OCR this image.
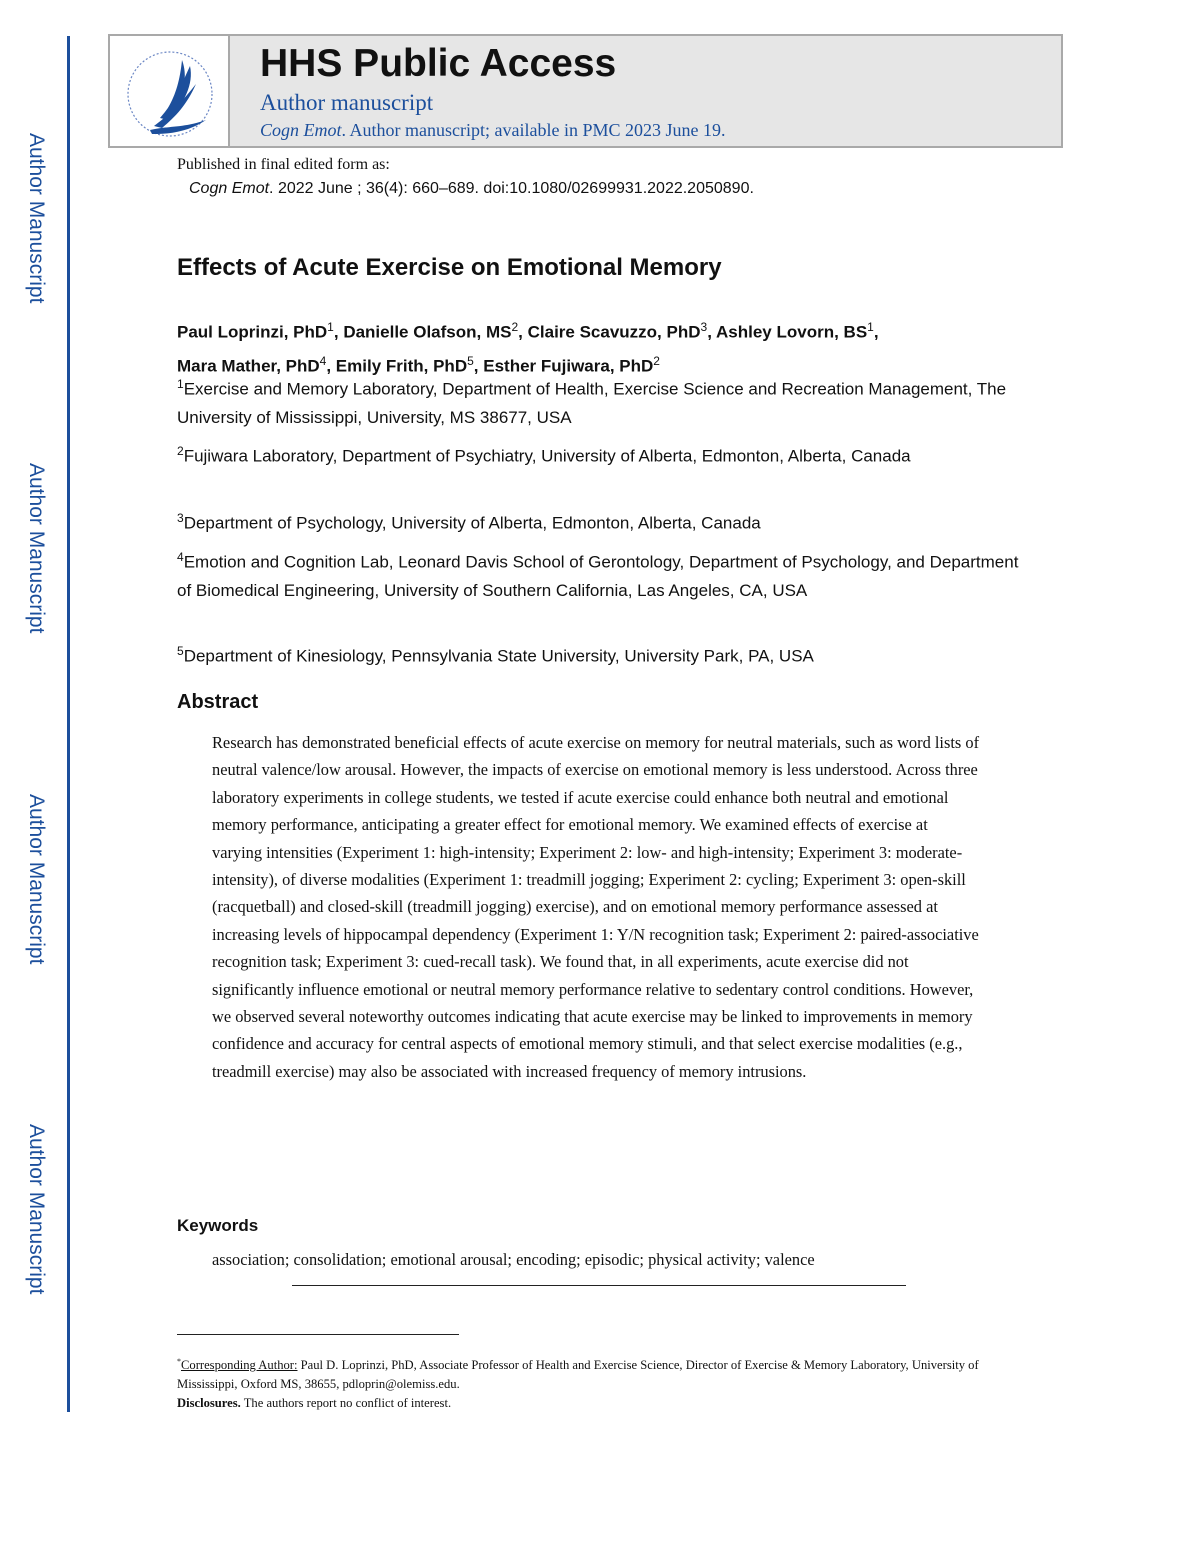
Author Manuscript
Author Manuscript
Author Manuscript
Author Manuscript
HHS Public Access
Author manuscript
Cogn Emot. Author manuscript; available in PMC 2023 June 19.
Published in final edited form as:
Cogn Emot. 2022 June ; 36(4): 660–689. doi:10.1080/02699931.2022.2050890.
Effects of Acute Exercise on Emotional Memory
Paul Loprinzi, PhD$^1$, Danielle Olafson, $MS^2$, Claire Scavuzzo, PhD$^3$, Ashley Lovorn, $BS^1$,
Mara Mather, PhD$^4$, Emily Frith, PhD$^5$, Esther Fujiwara, PhD$^2$
$^1$Exercise and Memory Laboratory, Department of Health, Exercise Science and Recreation Management, The University of Mississippi, University, MS 38677, USA
$^2$Fujiwara Laboratory, Department of Psychiatry, University of Alberta, Edmonton, Alberta, Canada
$^3$Department of Psychology, University of Alberta, Edmonton, Alberta, Canada
$^4$Emotion and Cognition Lab, Leonard Davis School of Gerontology, Department of Psychology, and Department of Biomedical Engineering, University of Southern California, Las Angeles, CA, USA
$^5$Department of Kinesiology, Pennsylvania State University, University Park, PA, USA
Abstract
Research has demonstrated beneficial effects of acute exercise on memory for neutral materials, such as word lists of neutral valence/low arousal. However, the impacts of exercise on emotional memory is less understood. Across three laboratory experiments in college students, we tested if acute exercise could enhance both neutral and emotional memory performance, anticipating a greater effect for emotional memory. We examined effects of exercise at varying intensities (Experiment 1: high-intensity; Experiment 2: low- and high-intensity; Experiment 3: moderate-intensity), of diverse modalities (Experiment 1: treadmill jogging; Experiment 2: cycling; Experiment 3: open-skill (racquetball) and closed-skill (treadmill jogging) exercise), and on emotional memory performance assessed at increasing levels of hippocampal dependency (Experiment 1: Y/N recognition task; Experiment 2: paired-associative recognition task; Experiment 3: cued-recall task). We found that, in all experiments, acute exercise did not significantly influence emotional or neutral memory performance relative to sedentary control conditions. However, we observed several noteworthy outcomes indicating that acute exercise may be linked to improvements in memory confidence and accuracy for central aspects of emotional memory stimuli, and that select exercise modalities (e.g., treadmill exercise) may also be associated with increased frequency of memory intrusions.
Keywords
association; consolidation; emotional arousal; encoding; episodic; physical activity; valence
*Corresponding Author: Paul D. Loprinzi, PhD, Associate Professor of Health and Exercise Science, Director of Exercise & Memory Laboratory, University of Mississippi, Oxford MS, 38655, pdloprin@olemiss.edu.
Disclosures. The authors report no conflict of interest.
